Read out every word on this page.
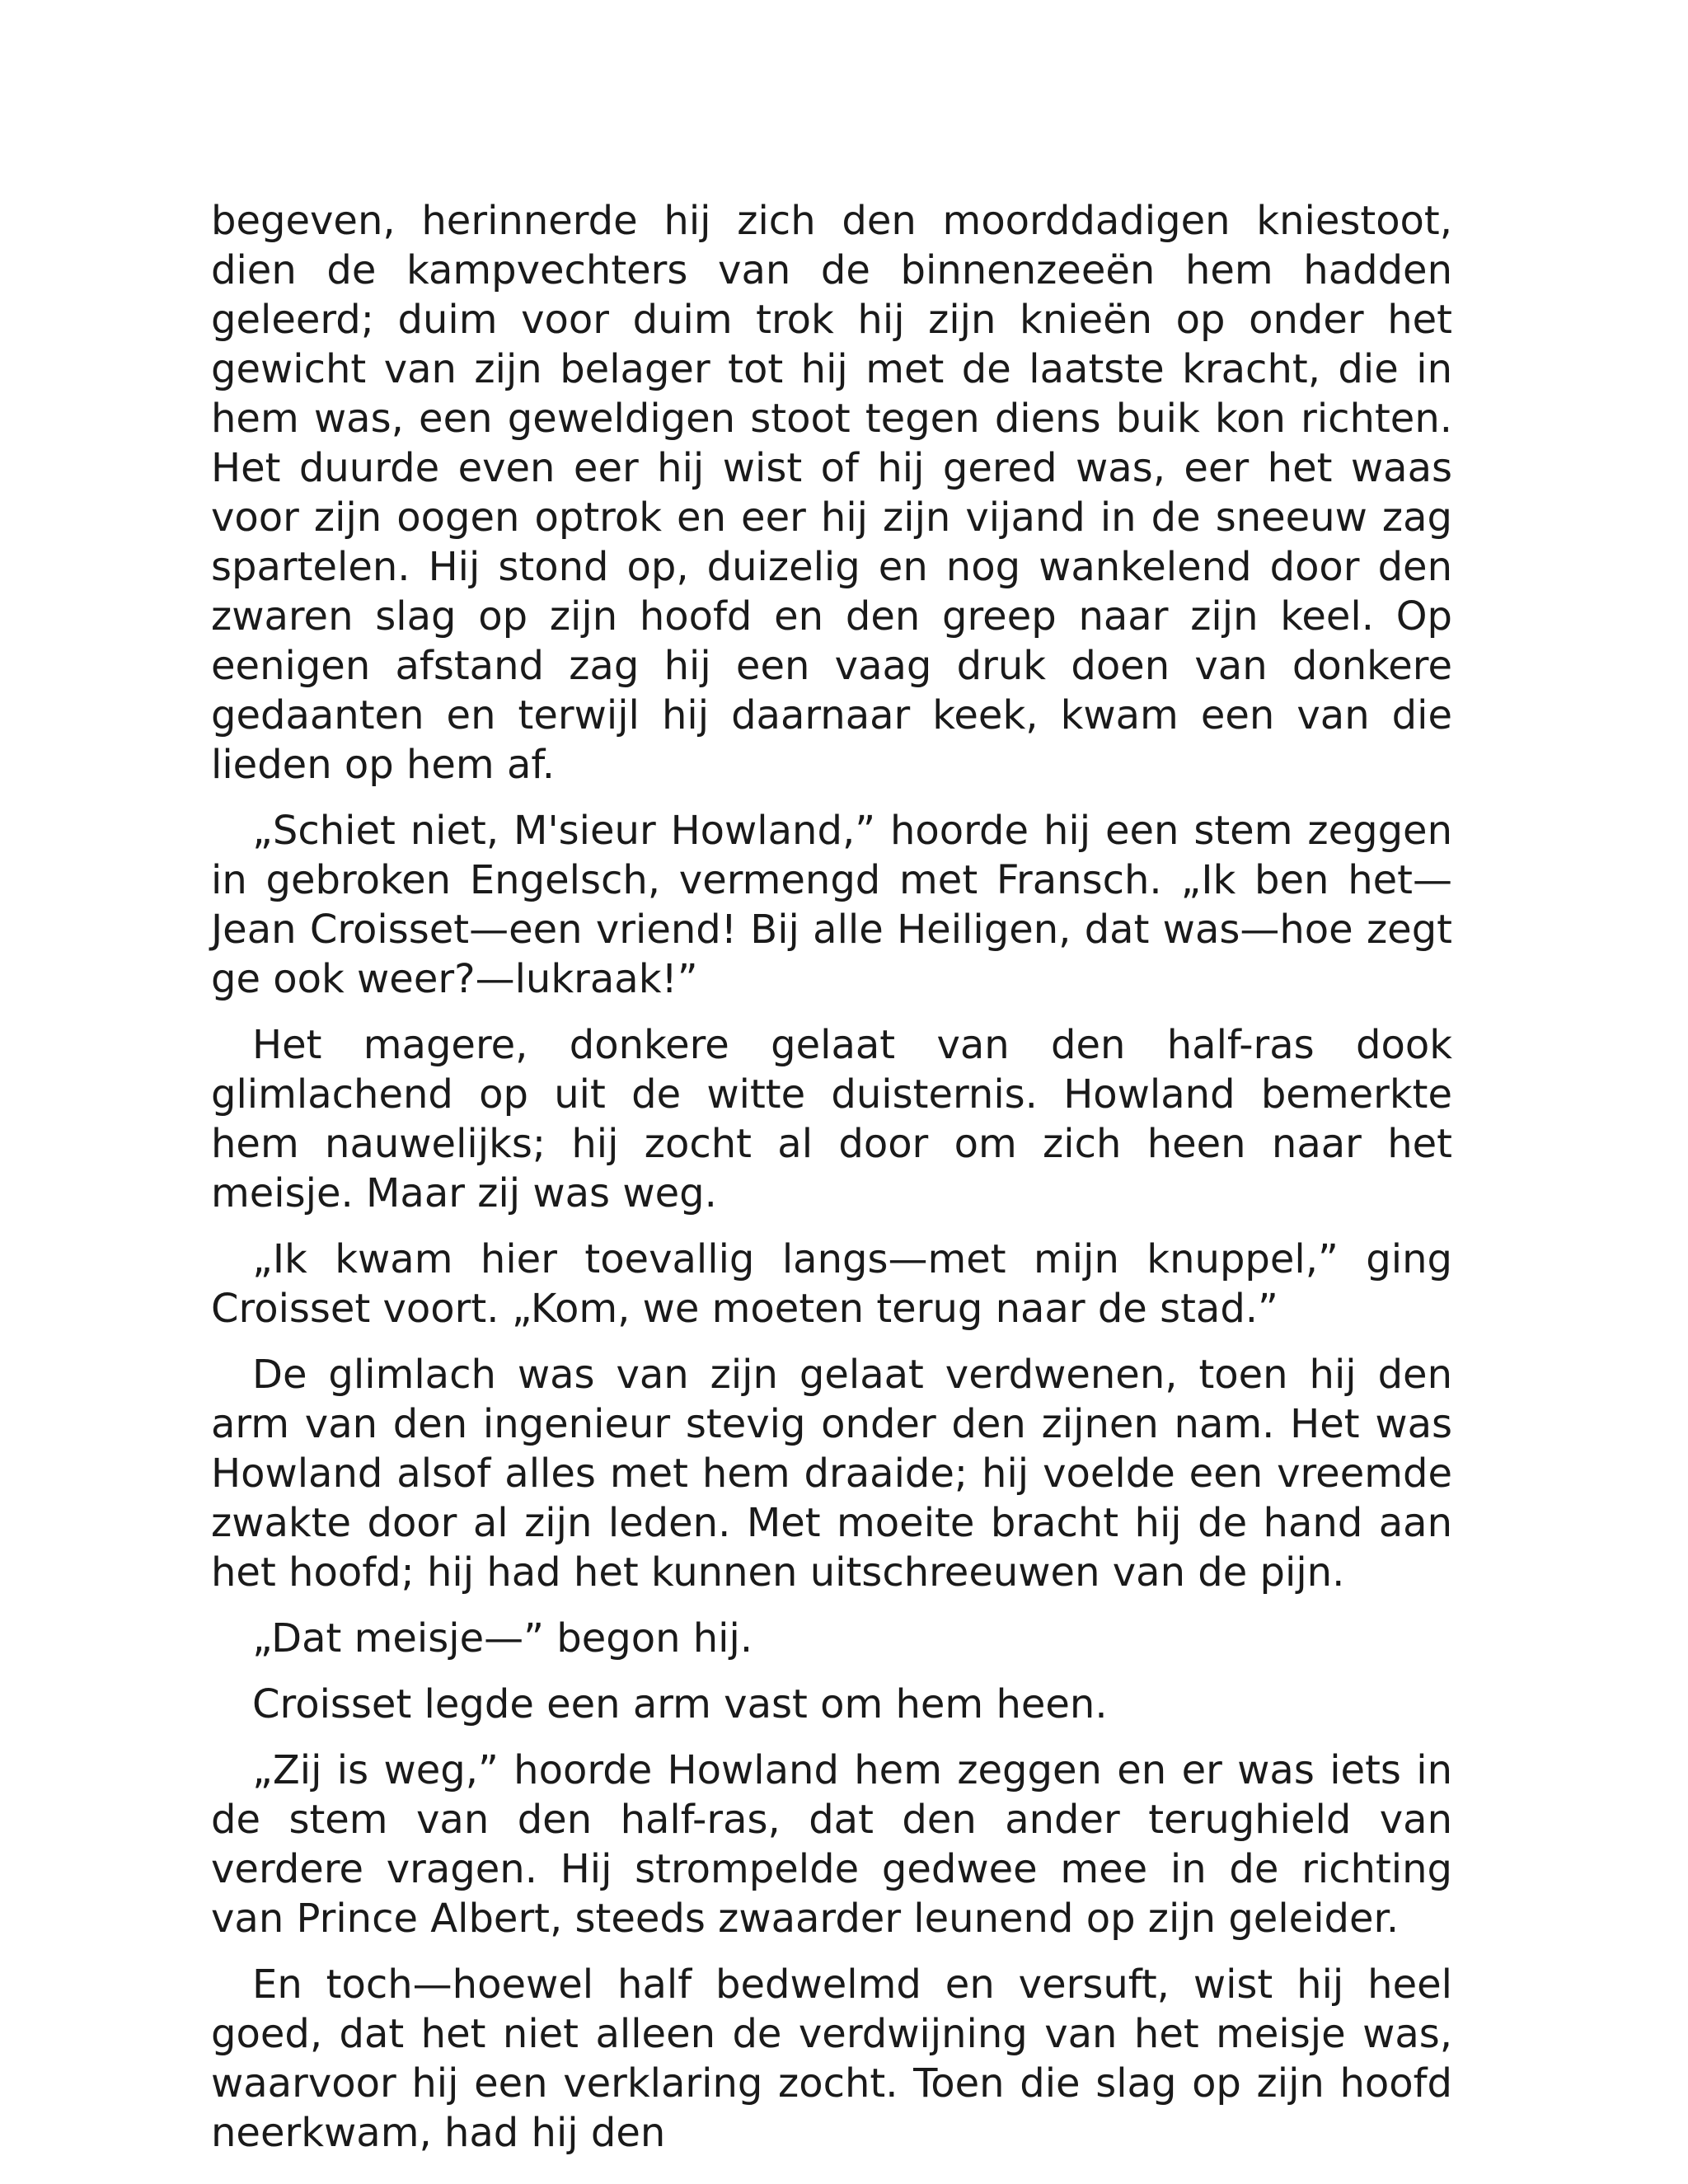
begeven, herinnerde hij zich den moorddadigen kniestoot, dien de kampvechters van de binnenzeeën hem hadden geleerd; duim voor duim trok hij zijn knieën op onder het gewicht van zijn belager tot hij met de laatste kracht, die in hem was, een geweldigen stoot tegen diens buik kon richten. Het duurde even eer hij wist of hij gered was, eer het waas voor zijn oogen optrok en eer hij zijn vijand in de sneeuw zag spartelen. Hij stond op, duizelig en nog wankelend door den zwaren slag op zijn hoofd en den greep naar zijn keel. Op eenigen afstand zag hij een vaag druk doen van donkere gedaanten en terwijl hij daarnaar keek, kwam een van die lieden op hem af.

„Schiet niet, M'sieur Howland,” hoorde hij een stem zeggen in gebroken Engelsch, vermengd met Fransch. „Ik ben het—Jean Croisset—een vriend! Bij alle Heiligen, dat was—hoe zegt ge ook weer?—lukraak!”

Het magere, donkere gelaat van den half-ras dook glimlachend op uit de witte duisternis. Howland bemerkte hem nauwelijks; hij zocht al door om zich heen naar het meisje. Maar zij was weg.

„Ik kwam hier toevallig langs—met mijn knuppel,” ging Croisset voort. „Kom, we moeten terug naar de stad.”

De glimlach was van zijn gelaat verdwenen, toen hij den arm van den ingenieur stevig onder den zijnen nam. Het was Howland alsof alles met hem draaide; hij voelde een vreemde zwakte door al zijn leden. Met moeite bracht hij de hand aan het hoofd; hij had het kunnen uitschreeuwen van de pijn.

„Dat meisje—” begon hij.

Croisset legde een arm vast om hem heen.

„Zij is weg,” hoorde Howland hem zeggen en er was iets in de stem van den half-ras, dat den ander terughield van verdere vragen. Hij strompelde gedwee mee in de richting van Prince Albert, steeds zwaarder leunend op zijn geleider.

En toch—hoewel half bedwelmd en versuft, wist hij heel goed, dat het niet alleen de verdwijning van het meisje was, waarvoor hij een verklaring zocht. Toen die slag op zijn hoofd neerkwam, had hij den
